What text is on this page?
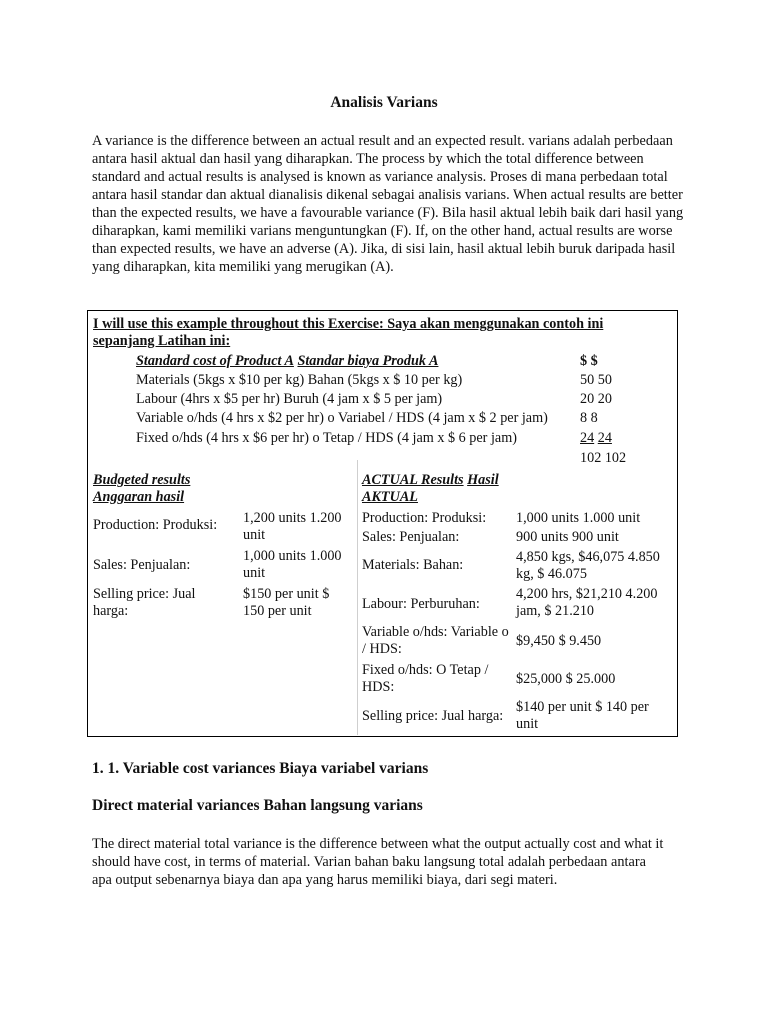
Analisis Varians

A variance is the difference between an actual result and an expected result. varians adalah perbedaan antara hasil aktual dan hasil yang diharapkan. The process by which the total difference between standard and actual results is analysed is known as variance analysis. Proses di mana perbedaan total antara hasil standar dan aktual dianalisis dikenal sebagai analisis varians. When actual results are better than the expected results, we have a favourable variance (F). Bila hasil aktual lebih baik dari hasil yang diharapkan, kami memiliki varians menguntungkan (F). If, on the other hand, actual results are worse than expected results, we have an adverse (A). Jika, di sisi lain, hasil aktual lebih buruk daripada hasil yang diharapkan, kita memiliki yang merugikan (A).

I will use this example throughout this Exercise: Saya akan menggunakan contoh ini sepanjang Latihan ini:
Standard cost of Product A Standar biaya Produk A	$ $
Materials (5kgs x $10 per kg) Bahan (5kgs x $ 10 per kg)	50 50
Labour (4hrs x $5 per hr) Buruh (4 jam x $ 5 per jam)	20 20
Variable o/hds (4 hrs x $2 per hr) o Variabel / HDS (4 jam x $ 2 per jam) 8 8
Fixed o/hds (4 hrs x $6 per hr) o Tetap / HDS (4 jam x $ 6 per jam)	24 24
102 102
Budgeted results
Anggaran hasil
Production: Produksi:	1,200 units 1.200 unit
Sales: Penjualan:
1,000 units 1.000 unit
Selling price: Jual harga:
$150 per unit $ 150 per unit
ACTUAL Results Hasil AKTUAL
Production: Produksi:	1,000 units 1.000 unit
Sales: Penjualan:	900 units 900 unit
Materials: Bahan:	4,850 kgs, $46,075 4.850 kg, $ 46.075
Labour: Perburuhan:
4,200 hrs, $21,210 4.200 jam, $ 21.210
Variable o/hds: Variable o / HDS:	$9,450 $ 9.450
Fixed o/hds: O Tetap / HDS:	$25,000 $ 25.000
Selling price: Jual harga:
$140 per unit $ 140 per unit
1. 1. Variable cost variances Biaya variabel varians
Direct material variances Bahan langsung varians

The direct material total variance is the difference between what the output actually cost and what it should have cost, in terms of material. Varian bahan baku langsung total adalah perbedaan antara apa output sebenarnya biaya dan apa yang harus memiliki biaya, dari segi materi.
